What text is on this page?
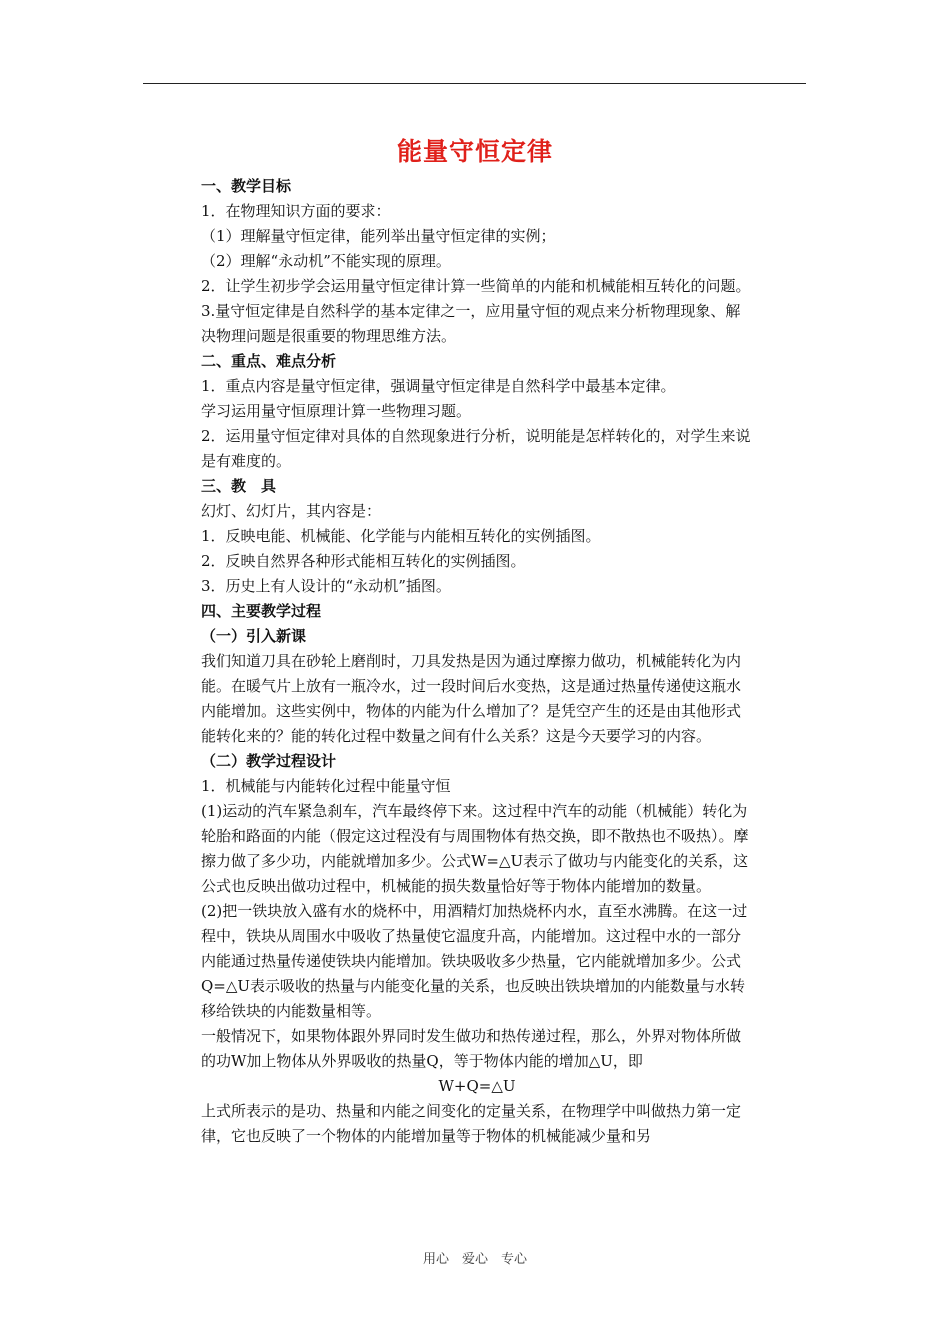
能量守恒定律

一、教学目标

1．在物理知识方面的要求：

（1）理解量守恒定律，能列举出量守恒定律的实例；

（2）理解“永动机”不能实现的原理。

2．让学生初步学会运用量守恒定律计算一些简单的内能和机械能相互转化的问题。

3.量守恒定律是自然科学的基本定律之一，应用量守恒的观点来分析物理现象、解决物理问题是很重要的物理思维方法。

二、重点、难点分析

1．重点内容是量守恒定律，强调量守恒定律是自然科学中最基本定律。

学习运用量守恒原理计算一些物理习题。

2．运用量守恒定律对具体的自然现象进行分析，说明能是怎样转化的，对学生来说是有难度的。

三、教　具

幻灯、幻灯片，其内容是：

1．反映电能、机械能、化学能与内能相互转化的实例插图。

2．反映自然界各种形式能相互转化的实例插图。

3．历史上有人设计的“永动机”插图。

四、主要教学过程

（一）引入新课

我们知道刀具在砂轮上磨削时，刀具发热是因为通过摩擦力做功，机械能转化为内能。在暖气片上放有一瓶冷水，过一段时间后水变热，这是通过热量传递使这瓶水内能增加。这些实例中，物体的内能为什么增加了？是凭空产生的还是由其他形式能转化来的？能的转化过程中数量之间有什么关系？这是今天要学习的内容。

（二）教学过程设计

1．机械能与内能转化过程中能量守恒

(1)运动的汽车紧急刹车，汽车最终停下来。这过程中汽车的动能（机械能）转化为轮胎和路面的内能（假定这过程没有与周围物体有热交换，即不散热也不吸热）。摩擦力做了多少功，内能就增加多少。公式W=△U表示了做功与内能变化的关系，这公式也反映出做功过程中，机械能的损失数量恰好等于物体内能增加的数量。

(2)把一铁块放入盛有水的烧杯中，用酒精灯加热烧杯内水，直至水沸腾。在这一过程中，铁块从周围水中吸收了热量使它温度升高，内能增加。这过程中水的一部分内能通过热量传递使铁块内能增加。铁块吸收多少热量，它内能就增加多少。公式Q=△U表示吸收的热量与内能变化量的关系，也反映出铁块增加的内能数量与水转移给铁块的内能数量相等。

一般情况下，如果物体跟外界同时发生做功和热传递过程，那么，外界对物体所做的功W加上物体从外界吸收的热量Q，等于物体内能的增加△U，即

W+Q=△U

上式所表示的是功、热量和内能之间变化的定量关系，在物理学中叫做热力第一定律，它也反映了一个物体的内能增加量等于物体的机械能减少量和另

用心　爱心　专心
